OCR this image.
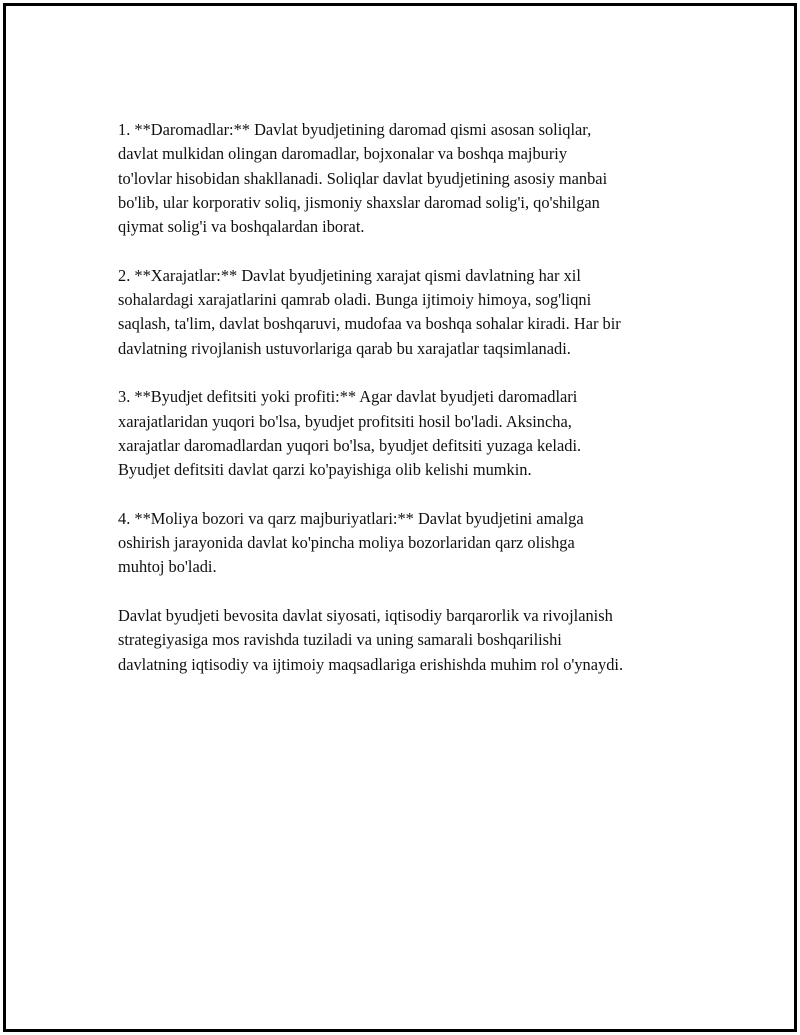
1. **Daromadlar:** Davlat byudjetining daromad qismi asosan soliqlar,
davlat mulkidan olingan daromadlar, bojxonalar va boshqa majburiy
to'lovlar hisobidan shakllanadi. Soliqlar davlat byudjetining asosiy manbai
bo'lib, ular korporativ soliq, jismoniy shaxslar daromad solig'i, qo'shilgan
qiymat solig'i va boshqalardan iborat.

2. **Xarajatlar:** Davlat byudjetining xarajat qismi davlatning har xil
sohalardagi xarajatlarini qamrab oladi. Bunga ijtimoiy himoya, sog'liqni
saqlash, ta'lim, davlat boshqaruvi, mudofaa va boshqa sohalar kiradi. Har bir
davlatning rivojlanish ustuvorlariga qarab bu xarajatlar taqsimlanadi.

3. **Byudjet defitsiti yoki profiti:** Agar davlat byudjeti daromadlari
xarajatlaridan yuqori bo'lsa, byudjet profitsiti hosil bo'ladi. Aksincha,
xarajatlar daromadlardan yuqori bo'lsa, byudjet defitsiti yuzaga keladi.
Byudjet defitsiti davlat qarzi ko'payishiga olib kelishi mumkin.

4. **Moliya bozori va qarz majburiyatlari:** Davlat byudjetini amalga
oshirish jarayonida davlat ko'pincha moliya bozorlaridan qarz olishga
muhtoj bo'ladi.

Davlat byudjeti bevosita davlat siyosati, iqtisodiy barqarorlik va rivojlanish
strategiyasiga mos ravishda tuziladi va uning samarali boshqarilishi
davlatning iqtisodiy va ijtimoiy maqsadlariga erishishda muhim rol o'ynaydi.
